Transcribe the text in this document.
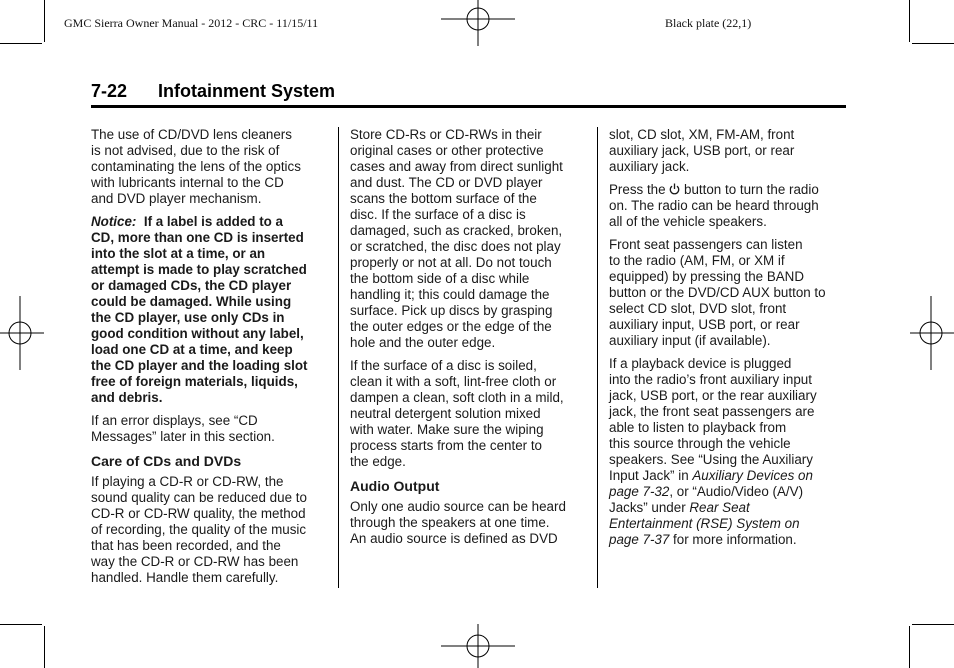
GMC Sierra Owner Manual - 2012 - CRC - 11/15/11	Black plate (22,1)
7-22 Infotainment System

The use of CD/DVD lens cleaners
is not advised, due to the risk of
contaminating the lens of the optics
with lubricants internal to the CD
and DVD player mechanism.

Notice: If a label is added to a
CD, more than one CD is inserted
into the slot at a time, or an
attempt is made to play scratched
or damaged CDs, the CD player
could be damaged. While using
the CD player, use only CDs in
good condition without any label,
load one CD at a time, and keep
the CD player and the loading slot
free of foreign materials, liquids,
and debris.

If an error displays, see “CD
Messages” later in this section.

Care of CDs and DVDs

If playing a CD-R or CD-RW, the
sound quality can be reduced due to
CD-R or CD-RW quality, the method
of recording, the quality of the music
that has been recorded, and the
way the CD-R or CD-RW has been
handled. Handle them carefully.

Store CD-Rs or CD-RWs in their
original cases or other protective
cases and away from direct sunlight
and dust. The CD or DVD player
scans the bottom surface of the
disc. If the surface of a disc is
damaged, such as cracked, broken,
or scratched, the disc does not play
properly or not at all. Do not touch
the bottom side of a disc while
handling it; this could damage the
surface. Pick up discs by grasping
the outer edges or the edge of the
hole and the outer edge.

If the surface of a disc is soiled,
clean it with a soft, lint-free cloth or
dampen a clean, soft cloth in a mild,
neutral detergent solution mixed
with water. Make sure the wiping
process starts from the center to
the edge.

Audio Output

Only one audio source can be heard
through the speakers at one time.
An audio source is defined as DVD

slot, CD slot, XM, FM-AM, front
auxiliary jack, USB port, or rear
auxiliary jack.

Press the  button to turn the radio
on. The radio can be heard through
all of the vehicle speakers.

Front seat passengers can listen
to the radio (AM, FM, or XM if
equipped) by pressing the BAND
button or the DVD/CD AUX button to
select CD slot, DVD slot, front
auxiliary input, USB port, or rear
auxiliary input (if available).

If a playback device is plugged
into the radio’s front auxiliary input
jack, USB port, or the rear auxiliary
jack, the front seat passengers are
able to listen to playback from
this source through the vehicle
speakers. See “Using the Auxiliary
Input Jack” in Auxiliary Devices on
page 7-32, or “Audio/Video (A/V)
Jacks” under Rear Seat
Entertainment (RSE) System on
page 7-37 for more information.
